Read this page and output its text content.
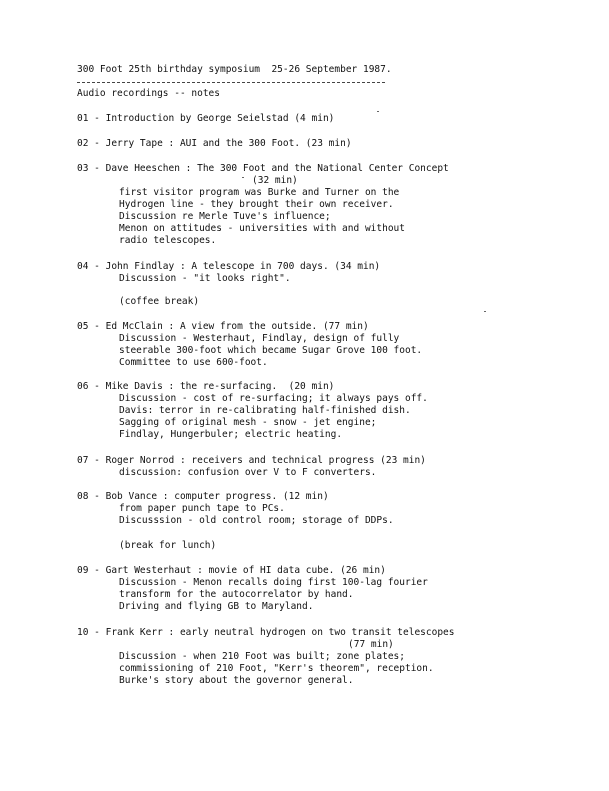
300 Foot 25th birthday symposium  25-26 September 1987.
Audio recordings -- notes
01 - Introduction by George Seielstad (4 min)
02 - Jerry Tape : AUI and the 300 Foot. (23 min)
03 - Dave Heeschen : The 300 Foot and the National Center Concept
(32 min)
first visitor program was Burke and Turner on the
Hydrogen line - they brought their own receiver.
Discussion re Merle Tuve's influence;
Menon on attitudes - universities with and without
radio telescopes.
04 - John Findlay : A telescope in 700 days. (34 min)
Discussion - "it looks right".
(coffee break)
05 - Ed McClain : A view from the outside. (77 min)
Discussion - Westerhaut, Findlay, design of fully
steerable 300-foot which became Sugar Grove 100 foot.
Committee to use 600-foot.
06 - Mike Davis : the re-surfacing.  (20 min)
Discussion - cost of re-surfacing; it always pays off.
Davis: terror in re-calibrating half-finished dish.
Sagging of original mesh - snow - jet engine;
Findlay, Hungerbuler; electric heating.
07 - Roger Norrod : receivers and technical progress (23 min)
discussion: confusion over V to F converters.
08 - Bob Vance : computer progress. (12 min)
from paper punch tape to PCs.
Discusssion - old control room; storage of DDPs.
(break for lunch)
09 - Gart Westerhaut : movie of HI data cube. (26 min)
Discussion - Menon recalls doing first 100-lag fourier
transform for the autocorrelator by hand.
Driving and flying GB to Maryland.
10 - Frank Kerr : early neutral hydrogen on two transit telescopes
(77 min)
Discussion - when 210 Foot was built; zone plates;
commissioning of 210 Foot, "Kerr's theorem", reception.
Burke's story about the governor general.
